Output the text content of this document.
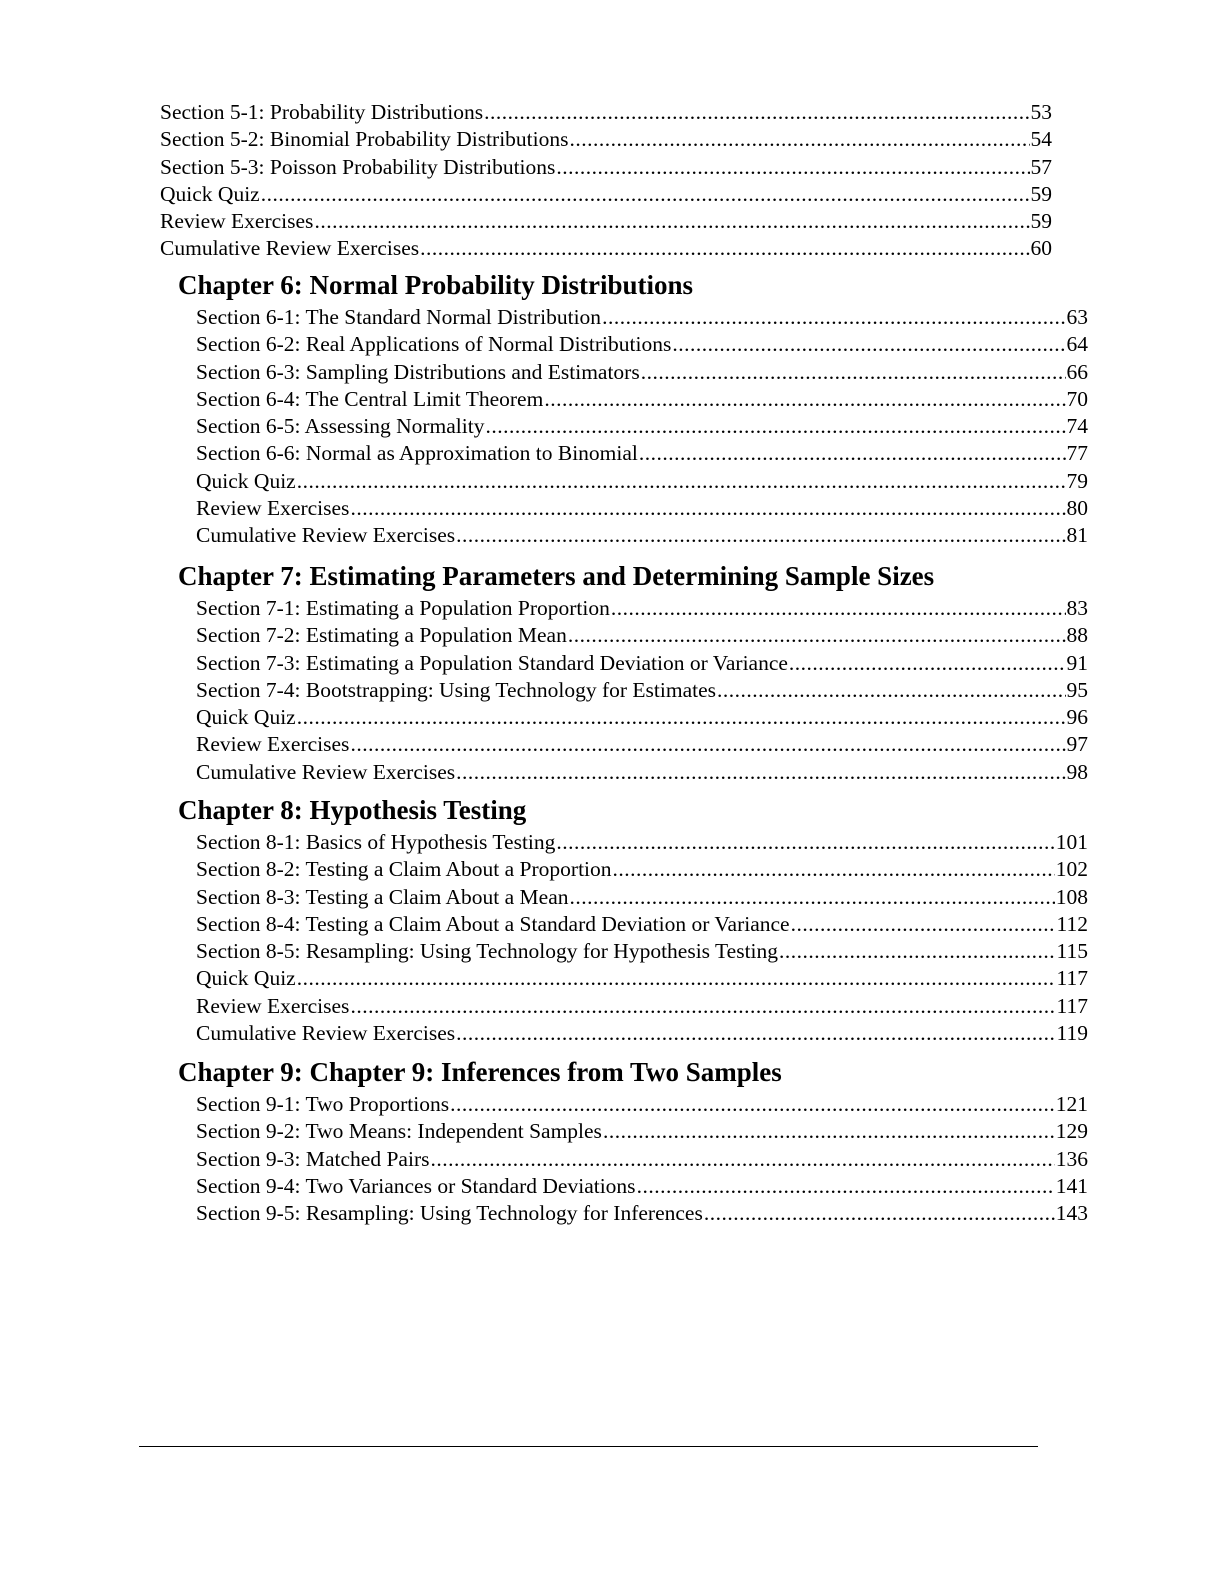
Section 5-1: Probability Distributions .....	53
Section 5-2: Binomial Probability Distributions .....	54
Section 5-3: Poisson Probability Distributions .....	57
Quick Quiz .....	59
Review Exercises .....	59
Cumulative Review Exercises .....	60
Chapter 6: Normal Probability Distributions
Section 6-1: The Standard Normal Distribution .....	63
Section 6-2: Real Applications of Normal Distributions .....	64
Section 6-3: Sampling Distributions and Estimators .....	66
Section 6-4: The Central Limit Theorem .....	70
Section 6-5: Assessing Normality .....	74
Section 6-6: Normal as Approximation to Binomial .....	77
Quick Quiz .....	79
Review Exercises .....	80
Cumulative Review Exercises .....	81
Chapter 7: Estimating Parameters and Determining Sample Sizes
Section 7-1: Estimating a Population Proportion .....	83
Section 7-2: Estimating a Population Mean .....	88
Section 7-3: Estimating a Population Standard Deviation or Variance .....	91
Section 7-4: Bootstrapping: Using Technology for Estimates .....	95
Quick Quiz .....	96
Review Exercises .....	97
Cumulative Review Exercises .....	98
Chapter 8: Hypothesis Testing
Section 8-1: Basics of Hypothesis Testing .....	101
Section 8-2: Testing a Claim About a Proportion .....	102
Section 8-3: Testing a Claim About a Mean .....	108
Section 8-4: Testing a Claim About a Standard Deviation or Variance .....	112
Section 8-5: Resampling: Using Technology for Hypothesis Testing .....	115
Quick Quiz .....	117
Review Exercises .....	117
Cumulative Review Exercises .....	119
Chapter 9: Chapter 9: Inferences from Two Samples
Section 9-1: Two Proportions .....	121
Section 9-2: Two Means: Independent Samples .....	129
Section 9-3: Matched Pairs .....	136
Section 9-4: Two Variances or Standard Deviations .....	141
Section 9-5: Resampling: Using Technology for Inferences .....	143
